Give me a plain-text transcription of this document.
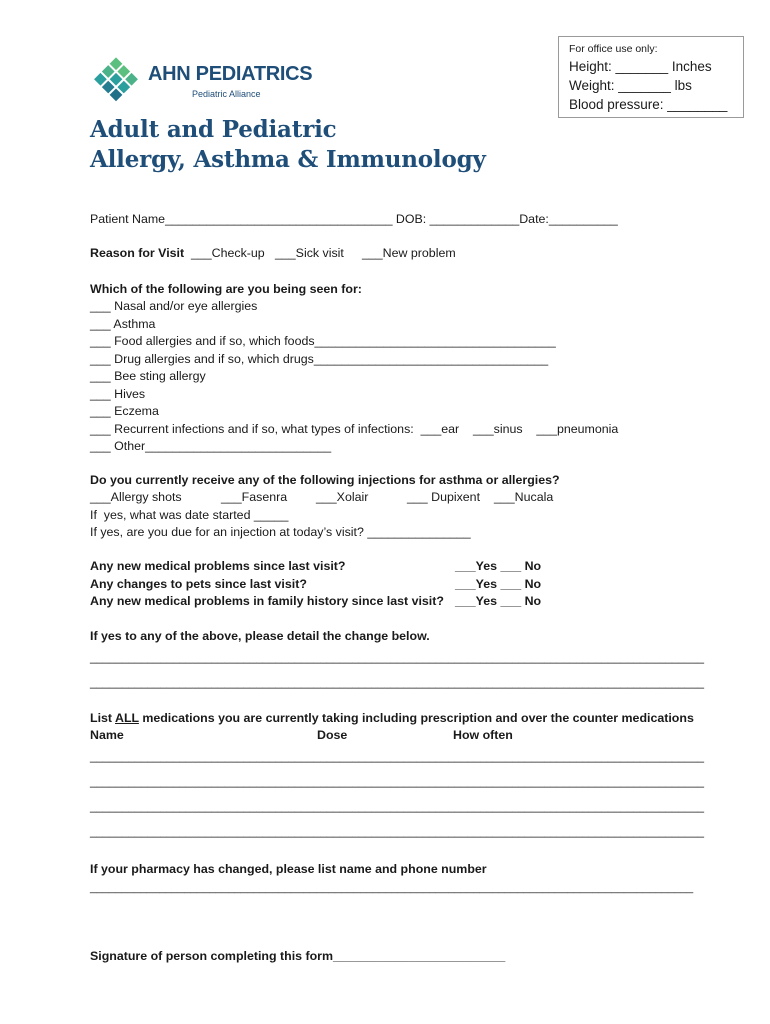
AHN PEDIATRICS
Pediatric Alliance
For office use only:
Height: _______ Inches
Weight: _______ lbs
Blood pressure: ________
Adult and Pediatric
Allergy, Asthma & Immunology
Patient Name_________________________________ DOB: _____________Date:__________
Reason for Visit ___Check-up ___Sick visit ___New problem
Which of the following are you being seen for:
___ Nasal and/or eye allergies
___ Asthma
___ Food allergies and if so, which foods___________________________________
___ Drug allergies and if so, which drugs__________________________________
___ Bee sting allergy
___ Hives
___ Eczema
___ Recurrent infections and if so, what types of infections:  ___ear    ___sinus    ___pneumonia
___ Other___________________________
Do you currently receive any of the following injections for asthma or allergies?
___Allergy shots	___Fasenra ___Xolair	___ Dupixent ___Nucala
If  yes, what was date started _____
If yes, are you due for an injection at today’s visit? _______________
Any new medical problems since last visit?	___Yes ___ No
Any changes to pets since last visit?	___Yes ___ No
Any new medical problems in family history since last visit? ___Yes ___ No
If yes to any of the above, please detail the change below.
________________________________________________________________________________________________
________________________________________________________________________________________________
List ALL medications you are currently taking including prescription and over the counter medications
Name	Dose	How often
________________________________________________________________________________________________
________________________________________________________________________________________________
________________________________________________________________________________________________
________________________________________________________________________________________________
If your pharmacy has changed, please list name and phone number
________________________________________________________________________________________________
Signature of person completing this form_________________________
